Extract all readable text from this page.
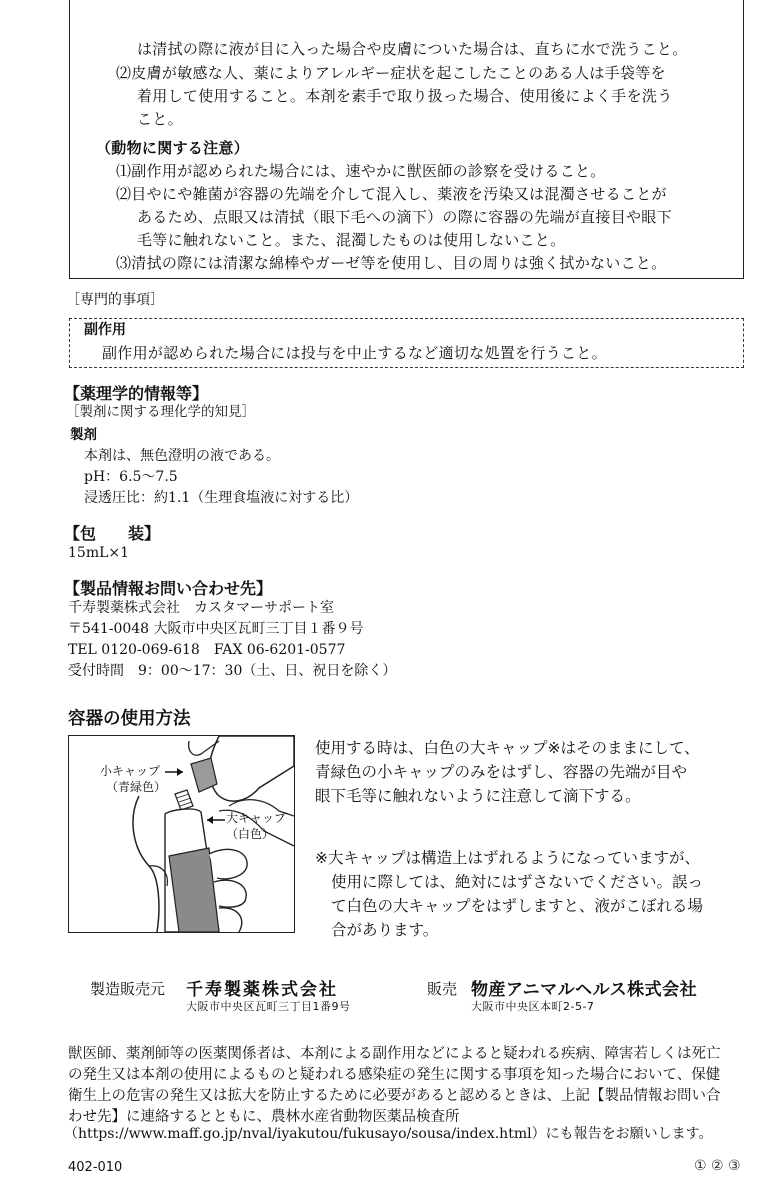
は清拭の際に液が目に入った場合や皮膚についた場合は、直ちに水で洗うこと。
⑵皮膚が敏感な人、薬によりアレルギー症状を起こしたことのある人は手袋等を
着用して使用すること。本剤を素手で取り扱った場合、使用後によく手を洗う
こと。
（動物に関する注意）
⑴副作用が認められた場合には、速やかに獣医師の診察を受けること。
⑵目やにや雑菌が容器の先端を介して混入し、薬液を汚染又は混濁させることが
あるため、点眼又は清拭（眼下毛への滴下）の際に容器の先端が直接目や眼下
毛等に触れないこと。また、混濁したものは使用しないこと。
⑶清拭の際には清潔な綿棒やガーゼ等を使用し、目の周りは強く拭かないこと。
［専門的事項］
副作用
副作用が認められた場合には投与を中止するなど適切な処置を行うこと。
【薬理学的情報等】
［製剤に関する理化学的知見］
製剤
本剤は、無色澄明の液である。
pH：6.5〜7.5
浸透圧比：約1.1（生理食塩液に対する比）
【包　　装】
15mL×1
【製品情報お問い合わせ先】
千寿製薬株式会社　カスタマーサポート室
〒541-0048 大阪市中央区瓦町三丁目１番９号
TEL 0120-069-618　FAX 06-6201-0577
受付時間　9：00〜17：30（土、日、祝日を除く）
容器の使用方法
小キャップ
（青緑色）
大キャップ
（白色）
使用する時は、白色の大キャップ※はそのままにして、
青緑色の小キャップのみをはずし、容器の先端が目や
眼下毛等に触れないように注意して滴下する。
※大キャップは構造上はずれるようになっていますが、
使用に際しては、絶対にはずさないでください。誤っ
て白色の大キャップをはずしますと、液がこぼれる場
合があります。
製造販売元 千寿製薬株式会社
大阪市中央区瓦町三丁目1番9号
販売 物産アニマルヘルス株式会社
大阪市中央区本町2-5-7
獣医師、薬剤師等の医薬関係者は、本剤による副作用などによると疑われる疾病、障害若しくは死亡
の発生又は本剤の使用によるものと疑われる感染症の発生に関する事項を知った場合において、保健
衛生上の危害の発生又は拡大を防止するために必要があると認めるときは、上記【製品情報お問い合
わせ先】に連絡するとともに、農林水産省動物医薬品検査所
（https://www.maff.go.jp/nval/iyakutou/fukusayo/sousa/index.html）にも報告をお願いします。
402-010	① ② ③
